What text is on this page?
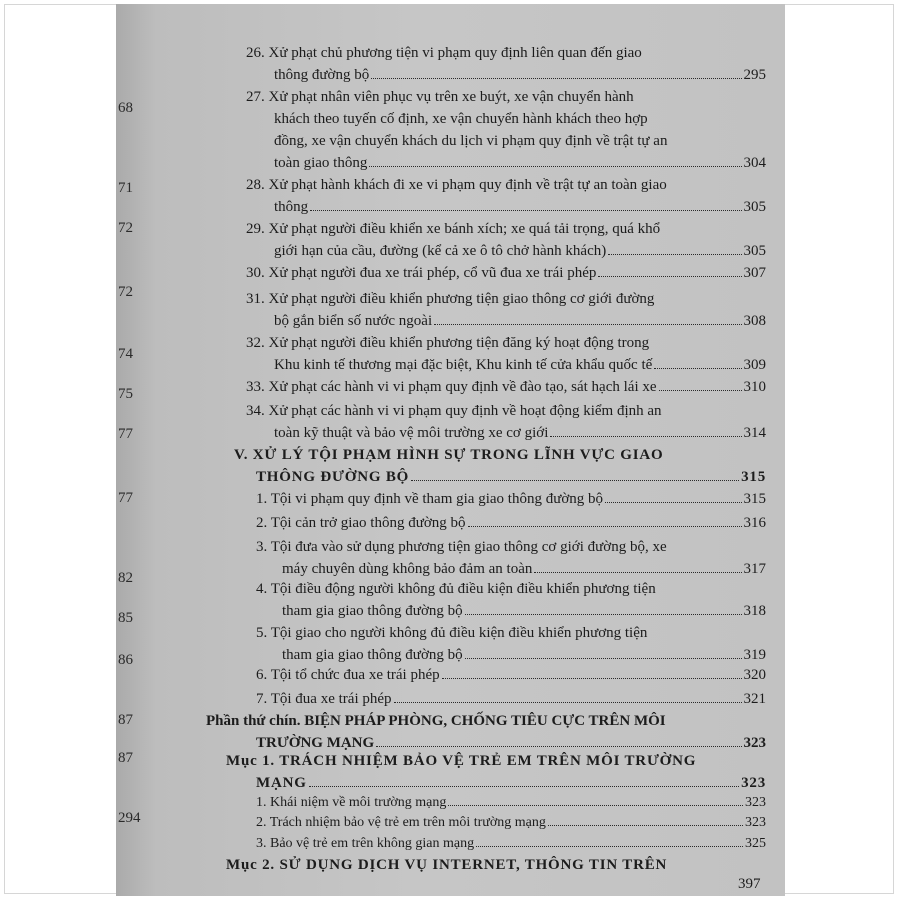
68
71
72
72
74
75
77
77
82
85
86
87
87
294
26. Xử phạt chủ phương tiện vi phạm quy định liên quan đến giao
thông đường bộ	295
27. Xử phạt nhân viên phục vụ trên xe buýt, xe vận chuyển hành
khách theo tuyến cố định, xe vận chuyển hành khách theo hợp
đồng, xe vận chuyển khách du lịch vi phạm quy định về trật tự an
toàn giao thông	304
28. Xử phạt hành khách đi xe vi phạm quy định về trật tự an toàn giao
thông	305
29. Xử phạt người điều khiển xe bánh xích; xe quá tải trọng, quá khổ
giới hạn của cầu, đường (kể cả xe ô tô chở hành khách)	305
30. Xử phạt người đua xe trái phép, cổ vũ đua xe trái phép	307
31. Xử phạt người điều khiển phương tiện giao thông cơ giới đường
bộ gắn biển số nước ngoài	308
32. Xử phạt người điều khiển phương tiện đăng ký hoạt động trong
Khu kinh tế thương mại đặc biệt, Khu kinh tế cửa khẩu quốc tế	309
33. Xử phạt các hành vi vi phạm quy định về đào tạo, sát hạch lái xe	310
34. Xử phạt các hành vi vi phạm quy định về hoạt động kiểm định an
toàn kỹ thuật và bảo vệ môi trường xe cơ giới	314
V. XỬ LÝ TỘI PHẠM HÌNH SỰ TRONG LĨNH VỰC GIAO
THÔNG ĐƯỜNG BỘ	315
1. Tội vi phạm quy định về tham gia giao thông đường bộ	315
2. Tội cản trở giao thông đường bộ	316
3. Tội đưa vào sử dụng phương tiện giao thông cơ giới đường bộ, xe
máy chuyên dùng không bảo đảm an toàn	317
4. Tội điều động người không đủ điều kiện điều khiển phương tiện
tham gia giao thông đường bộ	318
5. Tội giao cho người không đủ điều kiện điều khiển phương tiện
tham gia giao thông đường bộ	319
6. Tội tổ chức đua xe trái phép	320
7. Tội đua xe trái phép	321
Phần thứ chín. BIỆN PHÁP PHÒNG, CHỐNG TIÊU CỰC TRÊN MÔI
TRƯỜNG MẠNG	323
Mục 1. TRÁCH NHIỆM BẢO VỆ TRẺ EM TRÊN MÔI TRƯỜNG
MẠNG	323
1. Khái niệm về môi trường mạng	323
2. Trách nhiệm bảo vệ trẻ em trên môi trường mạng	323
3. Bảo vệ trẻ em trên không gian mạng	325
Mục 2. SỬ DỤNG DỊCH VỤ INTERNET, THÔNG TIN TRÊN
397
